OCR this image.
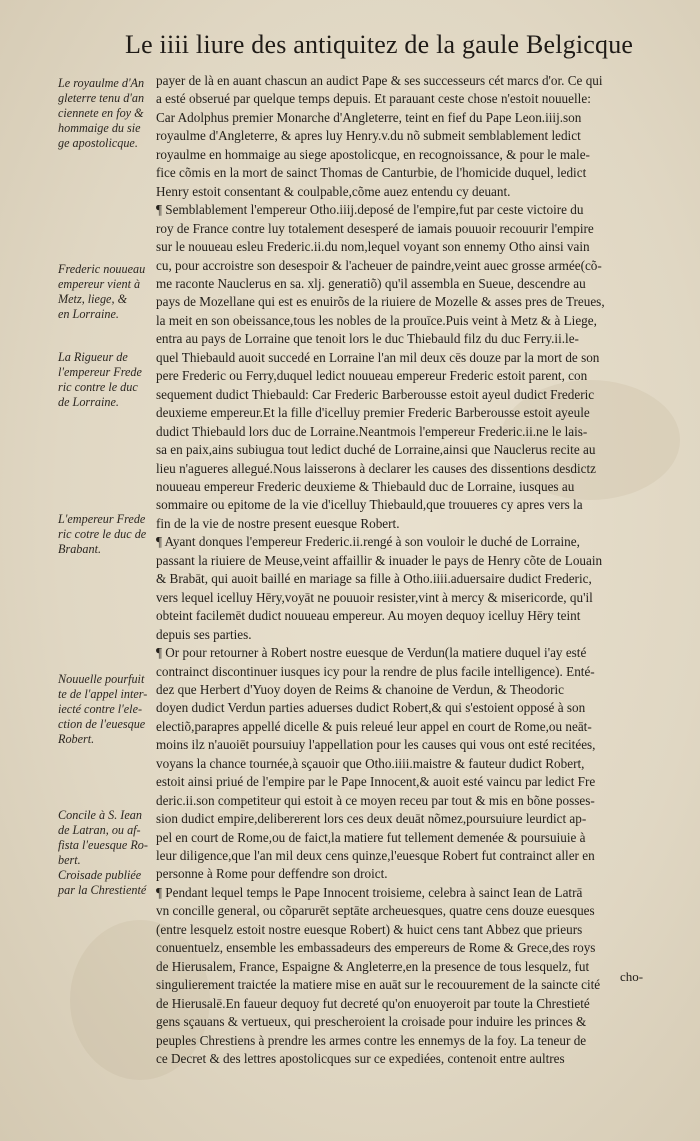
Le iiii liure des antiquitez de la gaule Belgicque
Le royaulme d'An
gleterre tenu d'an
ciennete en foy &
hommaige du sie
ge apostolicque.
Frederic nouueau
empereur vient à
Metz, liege, &
en Lorraine.
La Rigueur de
l'empereur Frede
ric contre le duc
de Lorraine.
L'empereur Frede
ric cotre le duc de
Brabant.
Nouuelle pourfuit
te de l'appel inter-
iecté contre l'ele-
ction de l'euesque
Robert.
Concile à S. Iean
de Latran, ou af-
fista l'euesque Ro-
bert.
Croisade publiée
par la Chrestienté
payer de là en auant chascun an audict Pape & ses successeurs cét marcs d'or. Ce qui
a esté obserué par quelque temps depuis. Et parauant ceste chose n'estoit nouuelle:
Car Adolphus premier Monarche d'Angleterre, teint en fief du Pape Leon.iiij.son
royaulme d'Angleterre, & apres luy Henry.v.du nõ submeit semblablement ledict
royaulme en hommaige au siege apostolicque, en recognoissance, & pour le male-
fice cõmis en la mort de sainct Thomas de Canturbie, de l'homicide duquel, ledict
Henry estoit consentant & coulpable,cõme auez entendu cy deuant.
¶ Semblablement l'empereur Otho.iiij.deposé de l'empire,fut par ceste victoire du
roy de France contre luy totalement desesperé de iamais pouuoir recouurir l'empire
sur le nouueau esleu Frederic.ii.du nom,lequel voyant son ennemy Otho ainsi vain
cu, pour accroistre son desespoir & l'acheuer de paindre,veint auec grosse armée(cõ-
me raconte Nauclerus en sa. xlj. generatiõ) qu'il assembla en Sueue, descendre au
pays de Mozellane qui est es enuirõs de la riuiere de Mozelle & asses pres de Treues,
la meit en son obeissance,tous les nobles de la prouīce.Puis veint à Metz & à Liege,
entra au pays de Lorraine que tenoit lors le duc Thiebauld filz du duc Ferry.ii.le-
quel Thiebauld auoit succedé en Lorraine l'an mil deux cēs douze par la mort de son
pere Frederic ou Ferry,duquel ledict nouueau empereur Frederic estoit parent, con
sequement dudict Thiebauld: Car Frederic Barberousse estoit ayeul dudict Frederic
deuxieme empereur.Et la fille d'icelluy premier Frederic Barberousse estoit ayeule
dudict Thiebauld lors duc de Lorraine.Neantmois l'empereur Frederic.ii.ne le lais-
sa en paix,ains subiugua tout ledict duché de Lorraine,ainsi que Nauclerus recite au
lieu n'agueres allegué.Nous laisserons à declarer les causes des dissentions desdictz
nouueau empereur Frederic deuxieme & Thiebauld duc de Lorraine, iusques au
sommaire ou epitome de la vie d'icelluy Thiebauld,que trouueres cy apres vers la
fin de la vie de nostre present euesque Robert.
¶ Ayant donques l'empereur Frederic.ii.rengé à son vouloir le duché de Lorraine,
passant la riuiere de Meuse,veint affaillir & inuader le pays de Henry cõte de Louain
& Brabāt, qui auoit baillé en mariage sa fille à Otho.iiii.aduersaire dudict Frederic,
vers lequel icelluy Hēry,voyāt ne pouuoir resister,vint à mercy & misericorde, qu'il
obteint facilemēt dudict nouueau empereur. Au moyen dequoy icelluy Hēry teint
depuis ses parties.
¶ Or pour retourner à Robert nostre euesque de Verdun(la matiere duquel i'ay esté
contrainct discontinuer iusques icy pour la rendre de plus facile intelligence). Enté-
dez que Herbert d'Yuoy doyen de Reims & chanoine de Verdun, & Theodoric
doyen dudict Verdun parties aduerses dudict Robert,& qui s'estoient opposé à son
electiõ,parapres appellé dicelle & puis releué leur appel en court de Rome,ou neāt-
moins ilz n'auoiēt poursuiuy l'appellation pour les causes qui vous ont esté recitées,
voyans la chance tournée,à sçauoir que Otho.iiii.maistre & fauteur dudict Robert,
estoit ainsi priué de l'empire par le Pape Innocent,& auoit esté vaincu par ledict Fre
deric.ii.son competiteur qui estoit à ce moyen receu par tout & mis en bõne posses-
sion dudict empire,delibererent lors ces deux deuāt nõmez,poursuiure leurdict ap-
pel en court de Rome,ou de faict,la matiere fut tellement demenée & poursuiuie à
leur diligence,que l'an mil deux cens quinze,l'euesque Robert fut contrainct aller en
personne à Rome pour deffendre son droict.
¶ Pendant lequel temps le Pape Innocent troisieme, celebra à sainct Iean de Latrā
vn concille general, ou cõparurēt septāte archeuesques, quatre cens douze euesques
(entre lesquelz estoit nostre euesque Robert) & huict cens tant Abbez que prieurs
conuentuelz, ensemble les embassadeurs des empereurs de Rome & Grece,des roys
de Hierusalem, France, Espaigne & Angleterre,en la presence de tous lesquelz, fut
singulierement traictée la matiere mise en auāt sur le recouurement de la saincte cité
de Hierusalē.En faueur dequoy fut decreté qu'on enuoyeroit par toute la Chrestieté
gens sçauans & vertueux, qui prescheroient la croisade pour induire les princes &
peuples Chrestiens à prendre les armes contre les ennemys de la foy. La teneur de
ce Decret & des lettres apostolicques sur ce expediées, contenoit entre aultres
cho-
